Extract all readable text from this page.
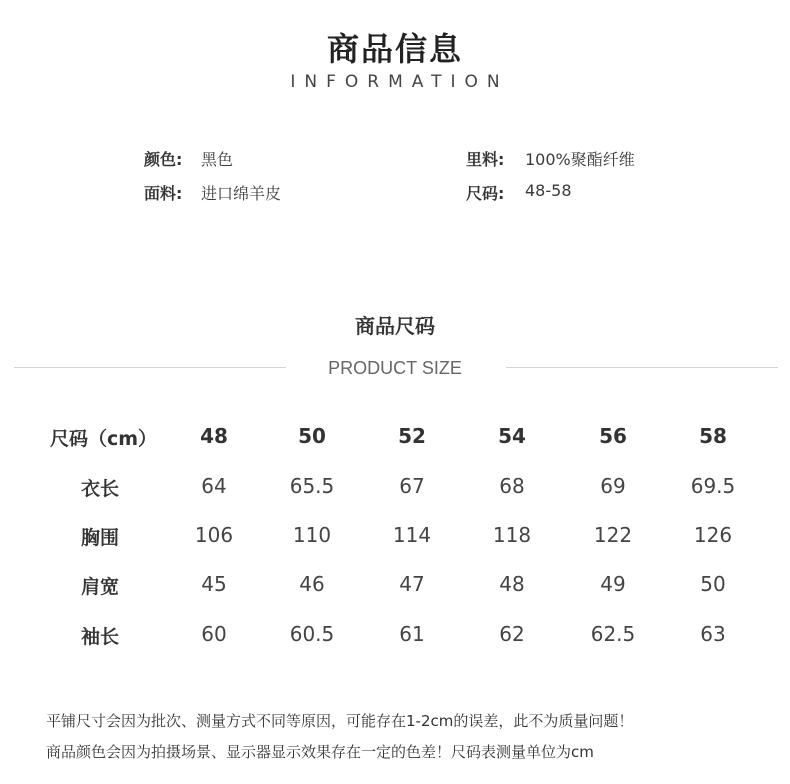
商品信息
INFORMATION
颜色: 黑色
面料: 进口绵羊皮
里料: 100%聚酯纤维
尺码: 48-58
商品尺码
PRODUCT SIZE
尺码（cm）	48	50	52	54	56	58
衣长	64	65.5	67	68	69	69.5
胸围	106	110	114	118	122	126
肩宽	45	46	47	48	49	50
袖长	60	60.5	61	62	62.5	63
平铺尺寸会因为批次、测量方式不同等原因，可能存在1-2cm的误差，此不为质量问题！
商品颜色会因为拍摄场景、显示器显示效果存在一定的色差！尺码表测量单位为cm
